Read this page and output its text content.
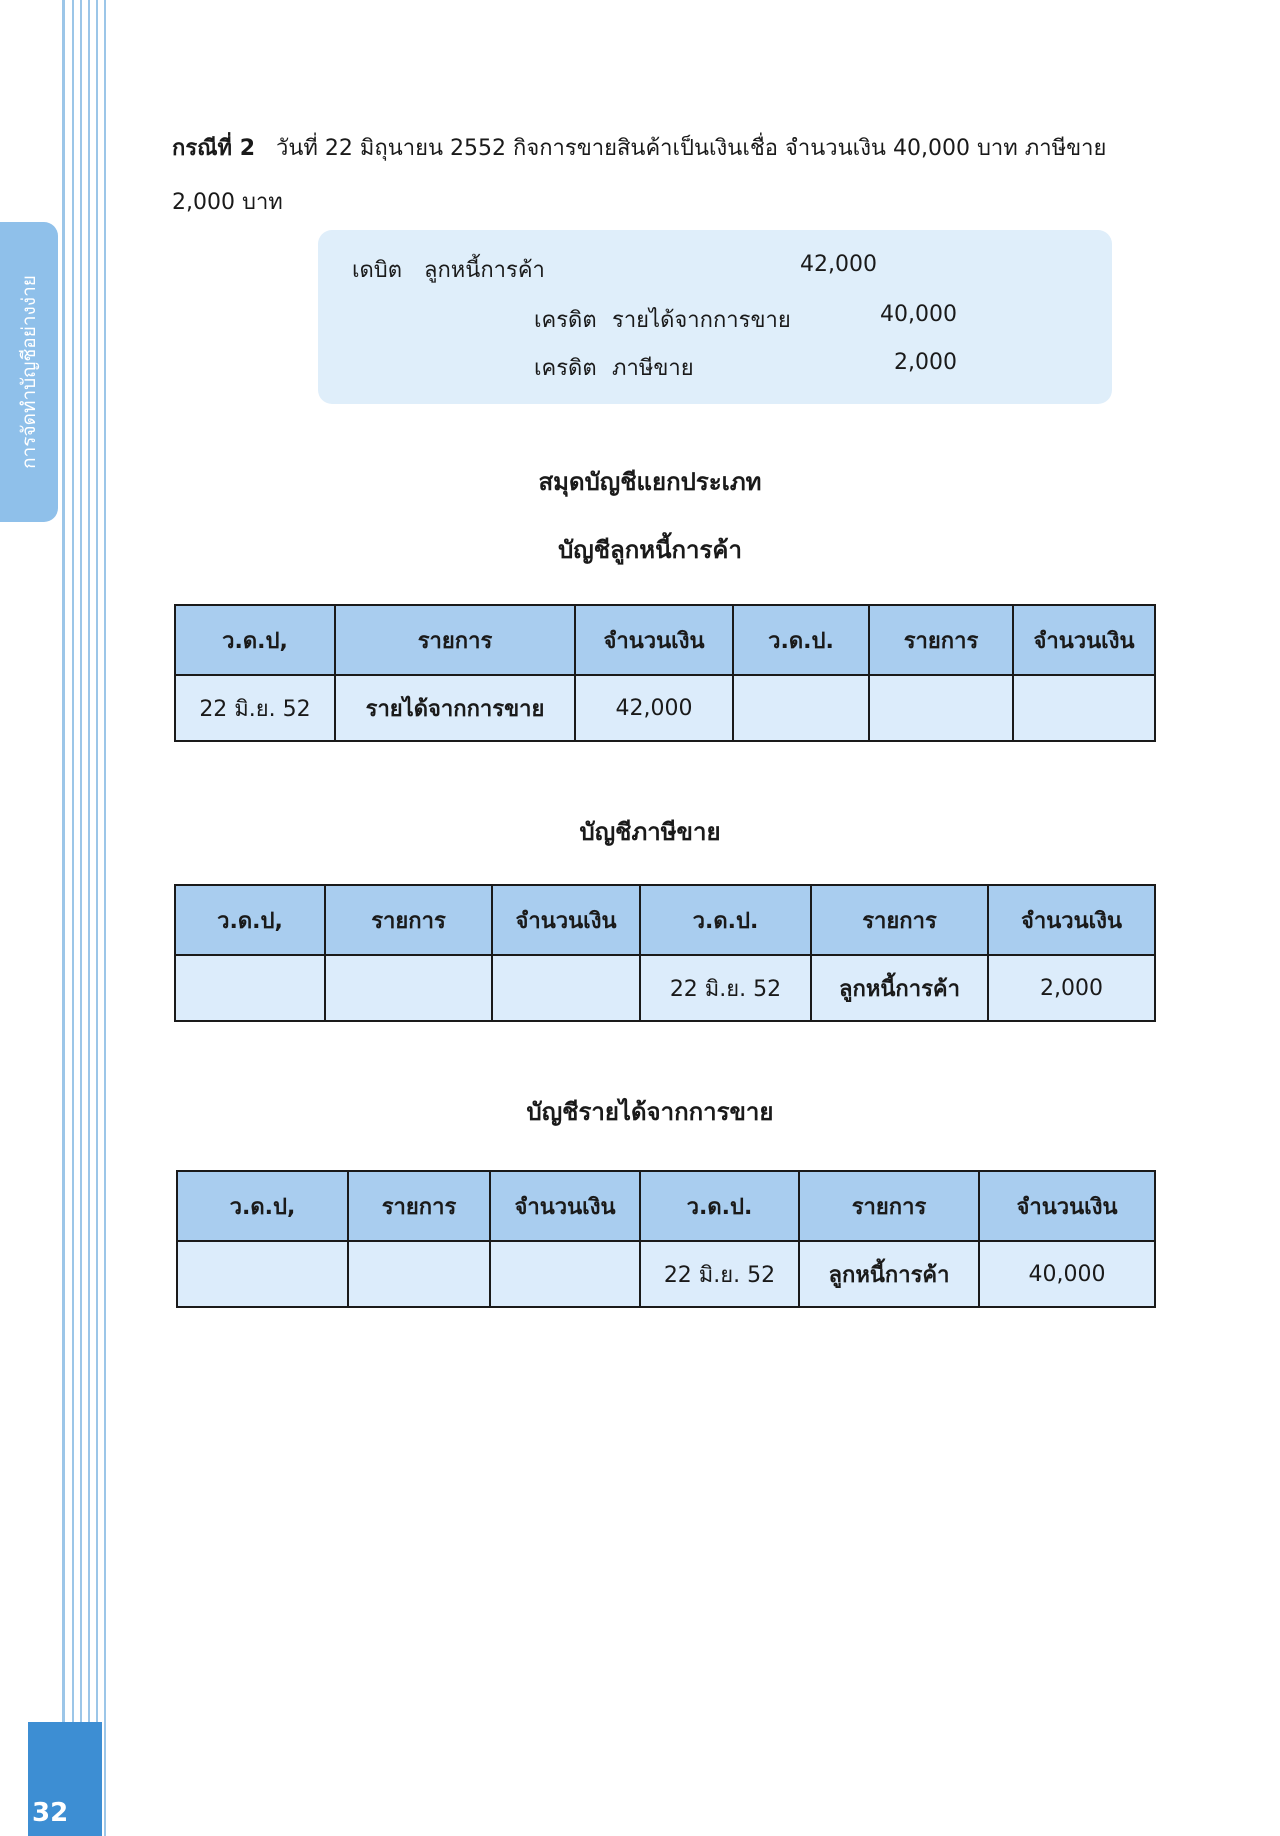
การจัดทำบัญชีอย่างง่าย
32
กรณีที่ 2 วันที่ 22 มิถุนายน 2552 กิจการขายสินค้าเป็นเงินเชื่อ จำนวนเงิน 40,000 บาท ภาษีขาย 2,000 บาท
เดบิต ลูกหนี้การค้า	42,000
เครดิต รายได้จากการขาย	40,000
เครดิต ภาษีขาย	2,000
สมุดบัญชีแยกประเภท
บัญชีลูกหนี้การค้า
ว.ด.ป,	รายการ	จำนวนเงิน	ว.ด.ป.	รายการ	จำนวนเงิน
22 มิ.ย. 52	รายได้จากการขาย	42,000			
บัญชีภาษีขาย
ว.ด.ป,	รายการ	จำนวนเงิน	ว.ด.ป.	รายการ	จำนวนเงิน
			22 มิ.ย. 52	ลูกหนี้การค้า	2,000
บัญชีรายได้จากการขาย
ว.ด.ป,	รายการ	จำนวนเงิน	ว.ด.ป.	รายการ	จำนวนเงิน
			22 มิ.ย. 52	ลูกหนี้การค้า	40,000
